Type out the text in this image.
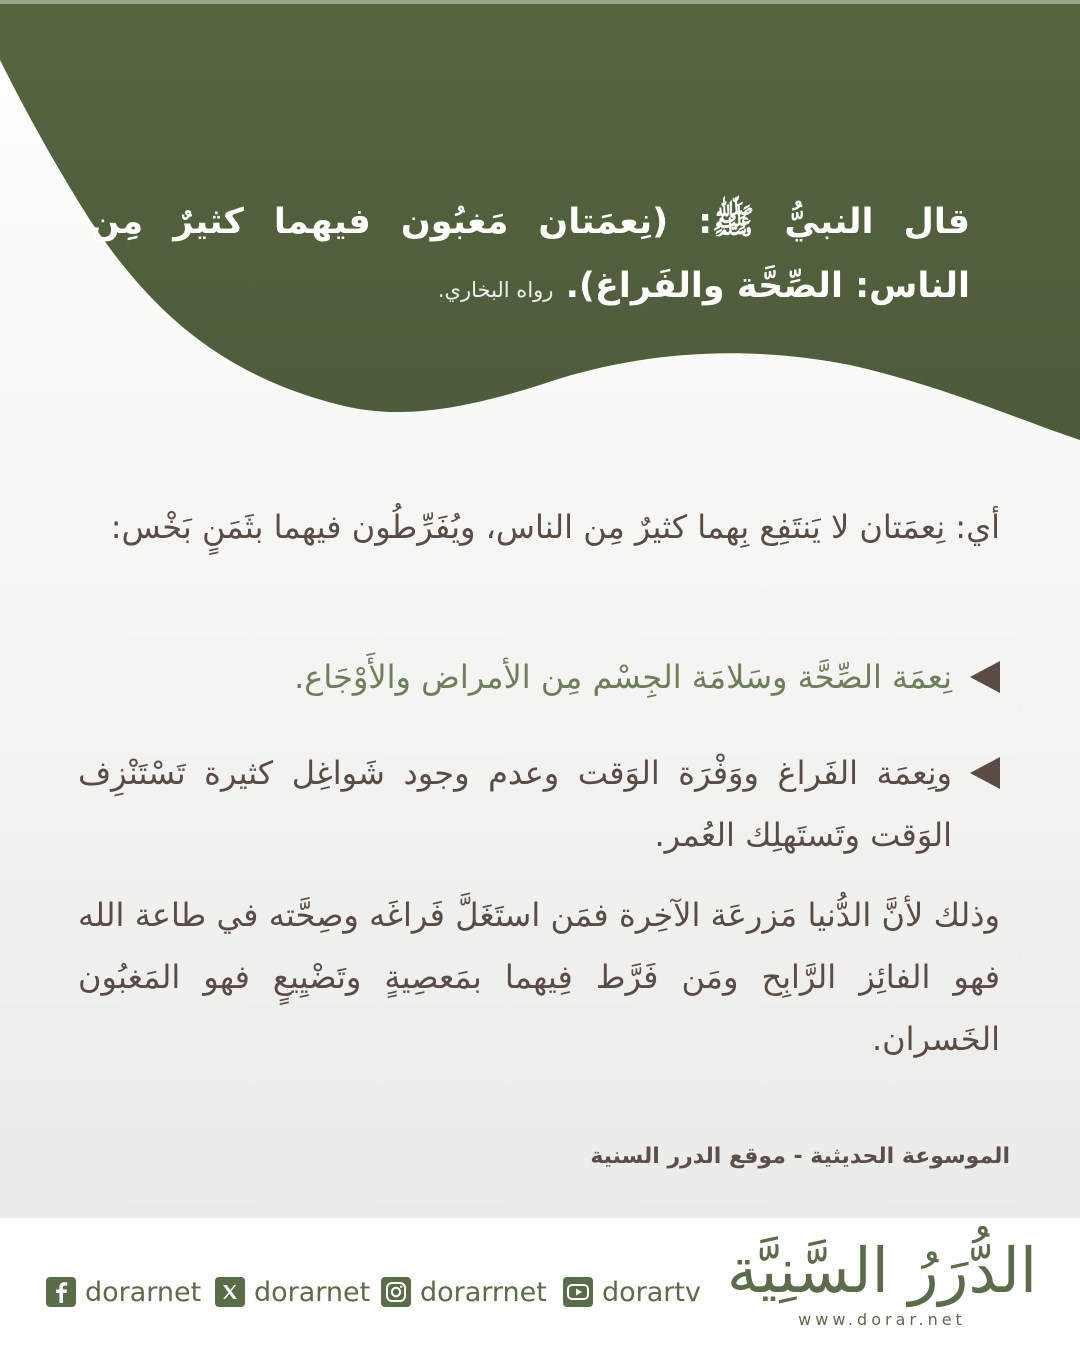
قال النبيُّ ﷺ: (نِعمَتان مَغبُون فيهما كثيرٌ مِن الناس: الصِّحَّة والفَراغ). رواه البخاري.
أي: نِعمَتان لا يَنتَفِع بِهما كثيرٌ مِن الناس، ويُفَرِّطُون فيهما بثَمَنٍ بَخْس:
نِعمَة الصِّحَّة وسَلامَة الجِسْم مِن الأمراض والأَوْجَاع.
ونِعمَة الفَراغ ووَفْرَة الوَقت وعدم وجود شَواغِل كثيرة تَسْتَنْزِف الوَقت وتَستَهلِك العُمر.
وذلك لأنَّ الدُّنيا مَزرعَة الآخِرة فمَن استَغَلَّ فَراغَه وصِحَّته في طاعة الله فهو الفائِز الرَّابِح ومَن فَرَّط فِيهما بمَعصِيةٍ وتَضْيِيعٍ فهو المَغبُون الخَسران.
الموسوعة الحديثية - موقع الدرر السنية
dorarnet dorarnet dorarrnet dorartv الدُّرَرُ السَّنِيَّة
www.dorar.net
